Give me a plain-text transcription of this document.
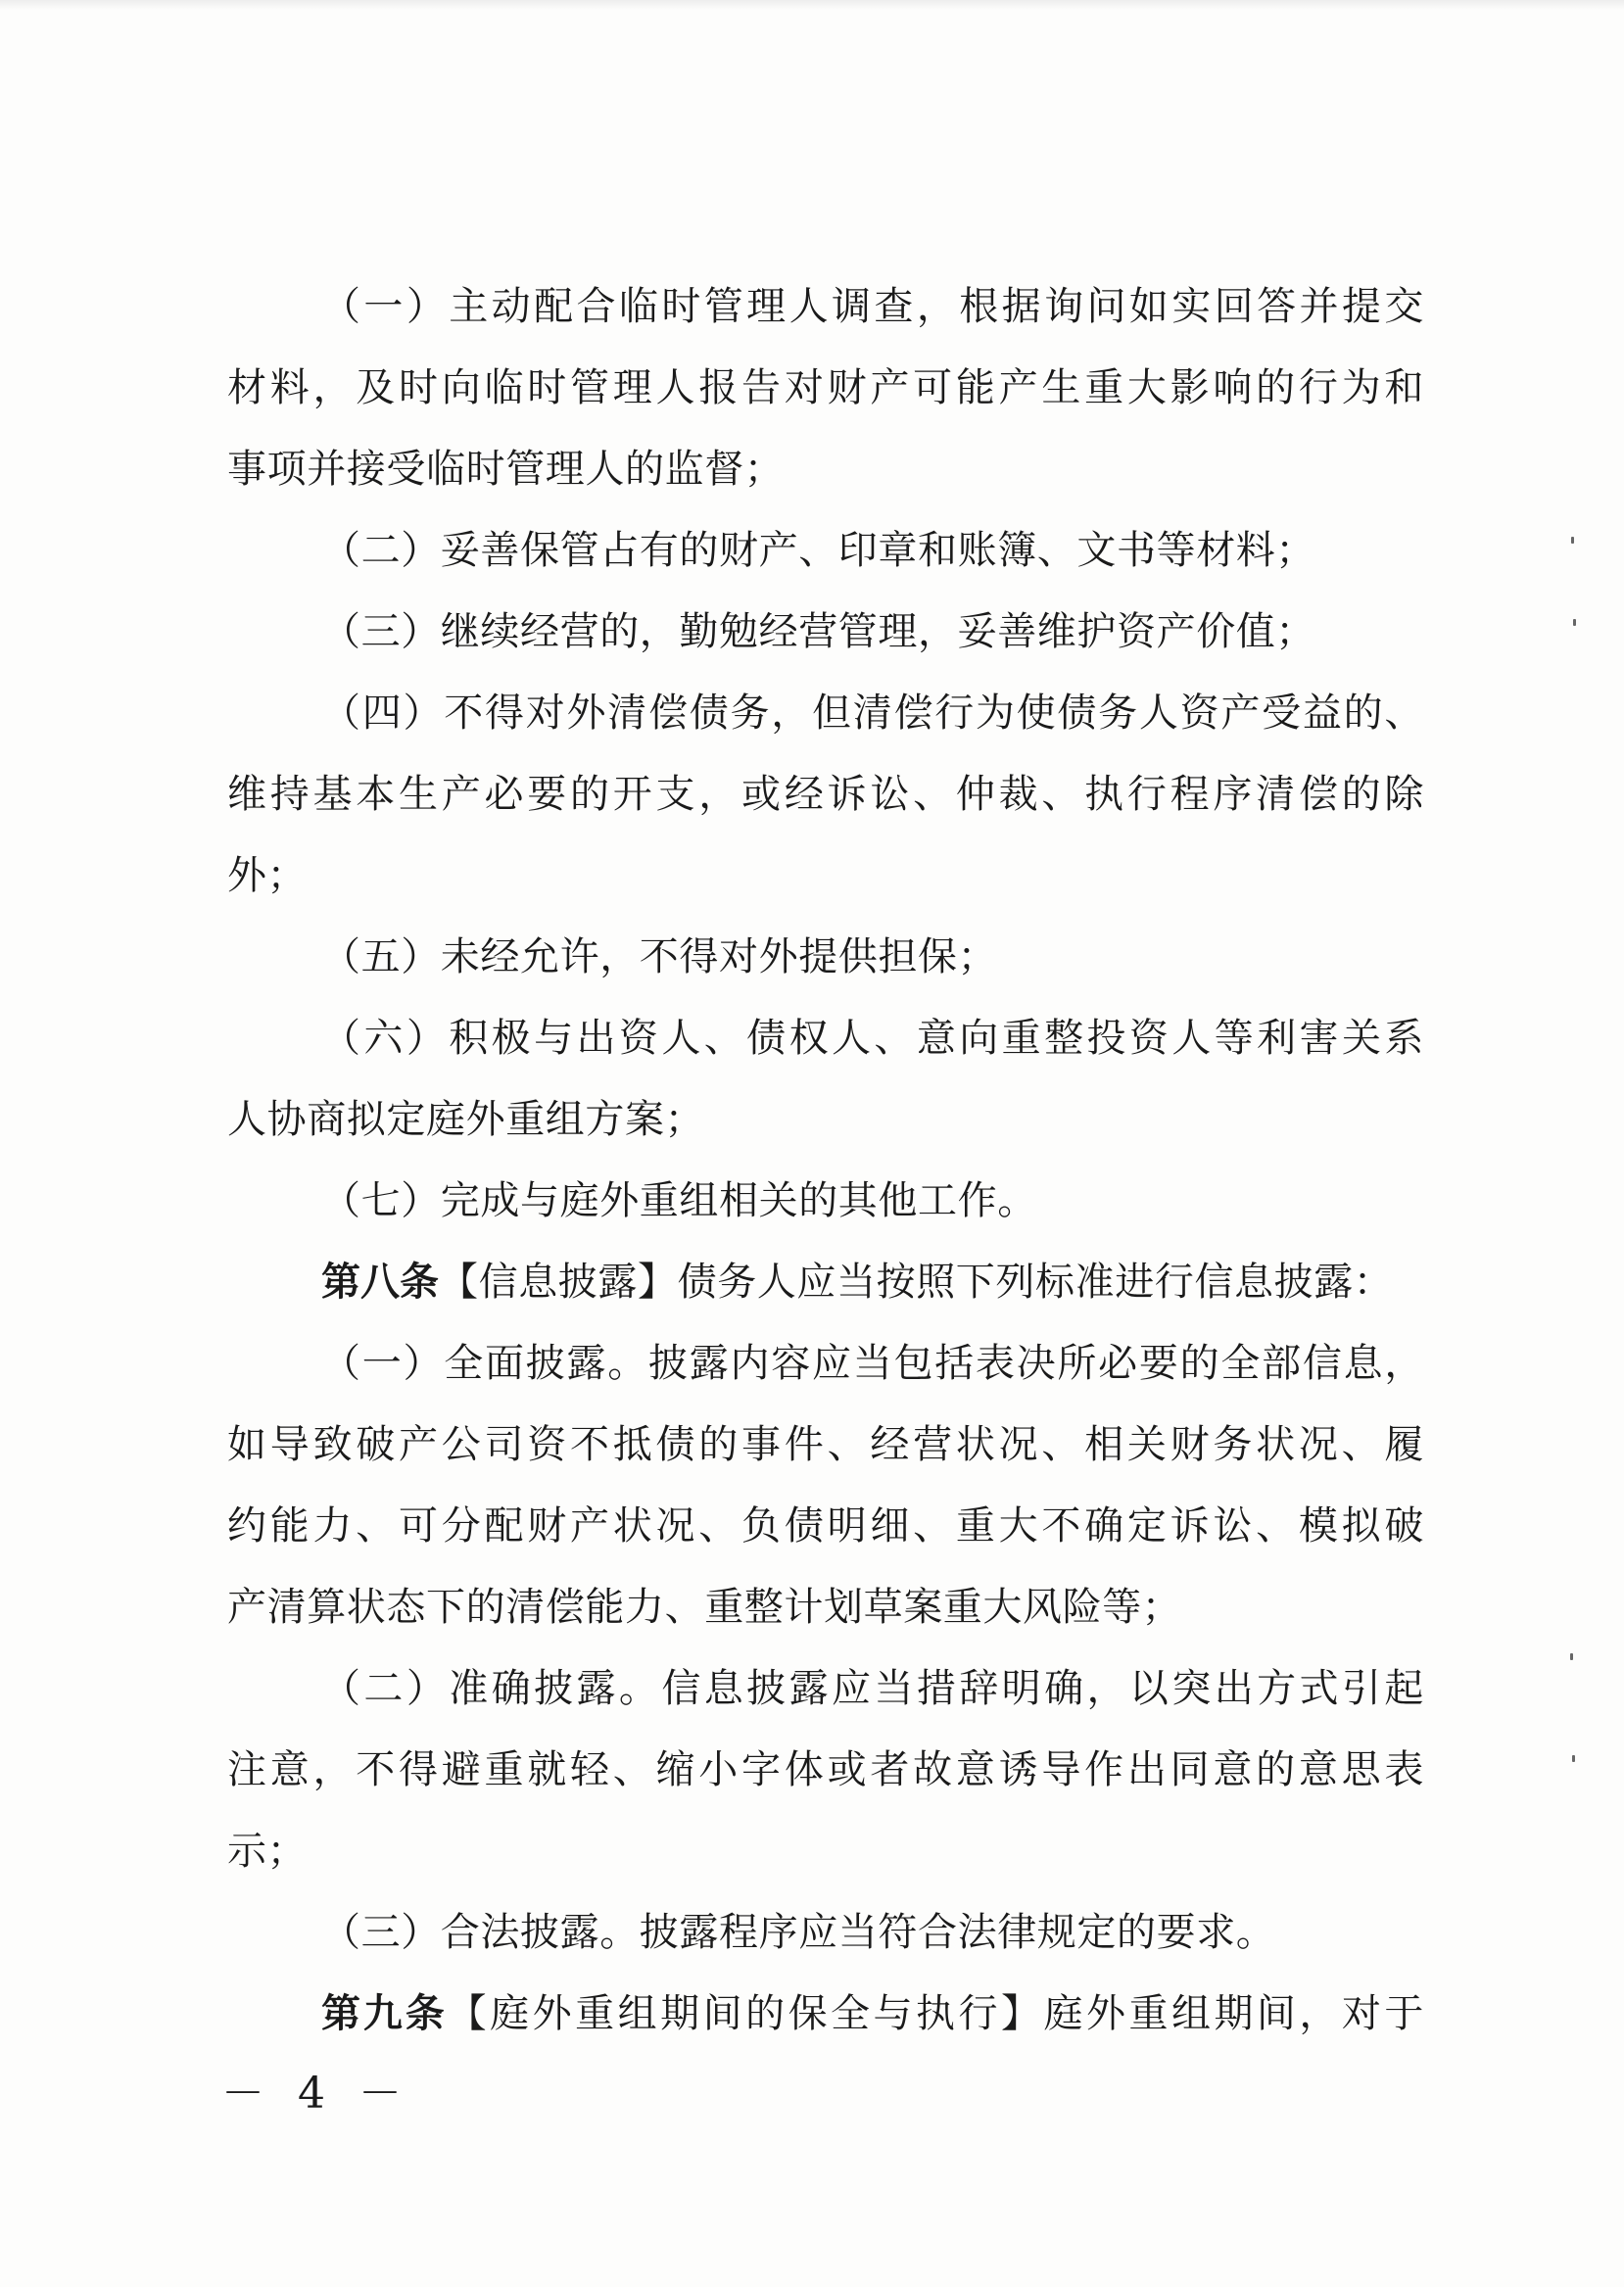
（一）主动配合临时管理人调查，根据询问如实回答并提交
材料，及时向临时管理人报告对财产可能产生重大影响的行为和
事项并接受临时管理人的监督；
（二）妥善保管占有的财产、印章和账簿、文书等材料；
（三）继续经营的，勤勉经营管理，妥善维护资产价值；
（四）不得对外清偿债务，但清偿行为使债务人资产受益的、
维持基本生产必要的开支，或经诉讼、仲裁、执行程序清偿的除
外；
（五）未经允许，不得对外提供担保；
（六）积极与出资人、债权人、意向重整投资人等利害关系
人协商拟定庭外重组方案；
（七）完成与庭外重组相关的其他工作。
第八条【信息披露】债务人应当按照下列标准进行信息披露：
（一）全面披露。披露内容应当包括表决所必要的全部信息，
如导致破产公司资不抵债的事件、经营状况、相关财务状况、履
约能力、可分配财产状况、负债明细、重大不确定诉讼、模拟破
产清算状态下的清偿能力、重整计划草案重大风险等；
（二）准确披露。信息披露应当措辞明确，以突出方式引起
注意，不得避重就轻、缩小字体或者故意诱导作出同意的意思表
示；
（三）合法披露。披露程序应当符合法律规定的要求。
第九条【庭外重组期间的保全与执行】庭外重组期间，对于
－ 4 －
